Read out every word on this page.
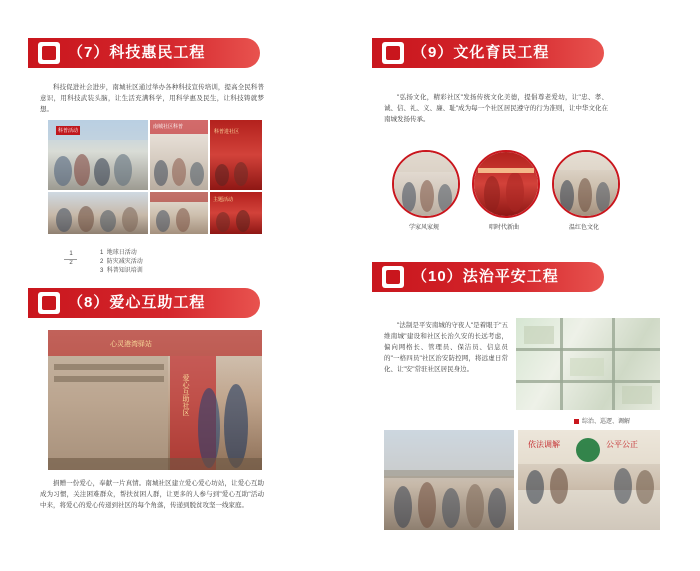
（7）科技惠民工程
科技促进社会进步，南城社区通过举办各种科技宣传培训，提高全民科普意识，用科技武装头脑，让生活充满科学，用科学惠及民生，让科技铸就梦想。
科普活动
南城社区科普
科普进社区
主题活动
1
2
1 地球日活动
2 防灾减灾活动
3 科普知识培训
（8）爱心互助工程
心灵港湾驿站
爱心互助社区
捐赠一份爱心，奉献一片真情。南城社区建立爱心爱心坊站，让爱心互助成为习惯，关注困难群众，帮扶贫困人群，让更多的人参与到"爱心互助"活动中来，将爱心的爱心传递到社区的每个角落，传递到脱贫攻坚一线家庭。
（9）文化育民工程
"弘扬文化，精彩社区"发扬传统文化美德，提倡尊老爱幼，让"忠、孝、诚、信、礼、义、廉、耻"成为每一个社区居民遵守的行为准则，让中华文化在南城发扬传承。
学家风家规	唱时代新曲	温红色文化
（10）法治平安工程
"法制是平安南城的守夜人"是着眼于"五维南城"建设和社区长治久安的长远考虑，偏向网格长、管理员、保洁员、信息员的"一格四员"社区治安防控网，将远虚日常化、让"安"常驻社区居民身边。
综治、巡逻、调解
依法调解	公平公正
